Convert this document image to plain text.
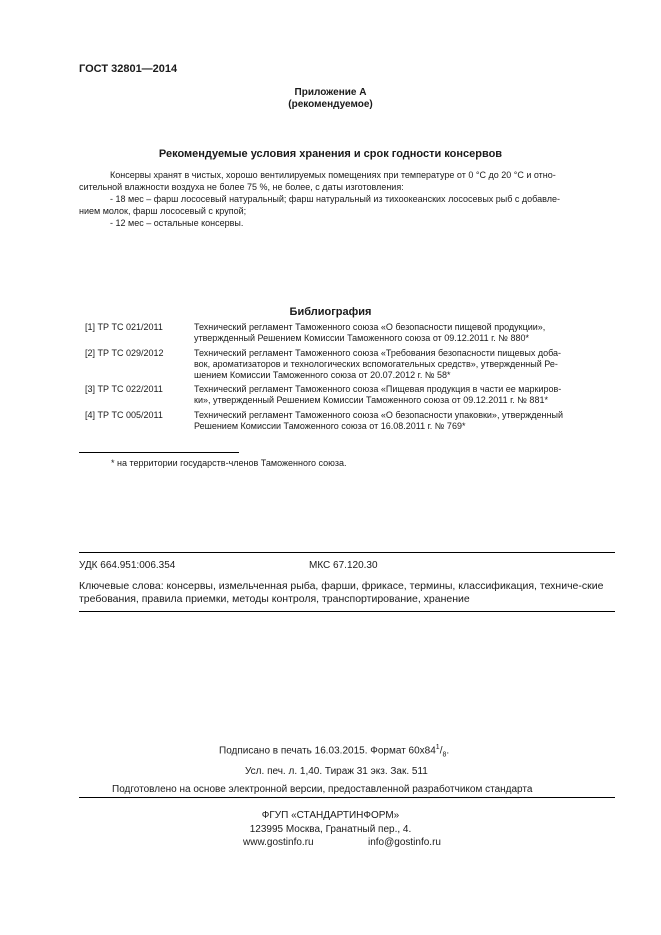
ГОСТ 32801—2014
Приложение А
(рекомендуемое)
Рекомендуемые условия хранения и срок годности консервов
Консервы хранят в чистых, хорошо вентилируемых помещениях при температуре от 0 °С до 20 °С и отно-
сительной влажности воздуха не более 75 %, не более, с даты изготовления:
- 18 мес – фарш лососевый натуральный; фарш натуральный из тихоокеанских лососевых рыб с добавле-
нием молок, фарш лососевый с крупой;
- 12 мес – остальные консервы.
Библиография
[1] ТР ТС 021/2011	Технический регламент Таможенного союза «О безопасности пищевой продукции»,
утвержденный Решением Комиссии Таможенного союза от 09.12.2011 г. № 880*
[2] ТР ТС 029/2012	Технический регламент Таможенного союза «Требования безопасности пищевых доба-
вок, ароматизаторов и технологических вспомогательных средств», утвержденный Ре-
шением Комиссии Таможенного союза от 20.07.2012 г. № 58*
[3] ТР ТС 022/2011	Технический регламент Таможенного союза «Пищевая продукция в части ее маркиров-
ки», утвержденный Решением Комиссии Таможенного союза от 09.12.2011 г. № 881*
[4] ТР ТС 005/2011	Технический регламент Таможенного союза «О безопасности упаковки», утвержденный
Решением Комиссии Таможенного союза от 16.08.2011 г. № 769*
* на территории государств-членов Таможенного союза.
УДК 664.951:006.354	МКС 67.120.30
Ключевые слова: консервы, измельченная рыба, фарши, фрикасе, термины, классификация, техниче-ские требования, правила приемки, методы контроля, транспортирование, хранение
Подписано в печать 16.03.2015. Формат $60х84^1/_8$.
Усл. печ. л. 1,40. Тираж 31 экз. Зак. 511
Подготовлено на основе электронной версии, предоставленной разработчиком стандарта
ФГУП «СТАНДАРТИНФОРМ»
123995 Москва, Гранатный пер., 4.
www.gostinfo.ru	info@gostinfo.ru
